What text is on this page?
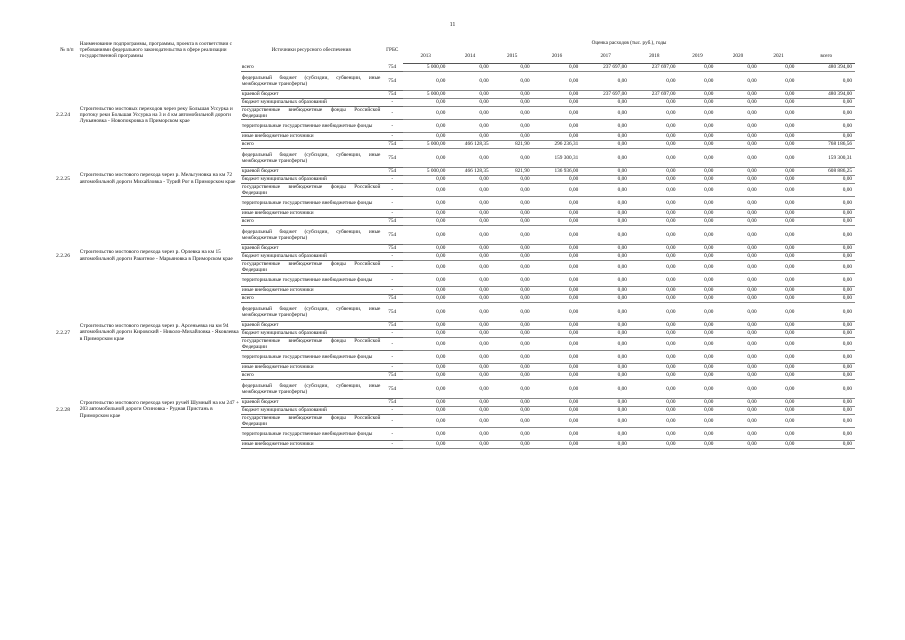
11
№ п/п	Наименование подпрограммы, программы, проекта в соответствии с требованиями федерального законодательства в сфере реализации государственной программы	Источники ресурсного обеспечения	ГРБС	Оценка расходов (тыс. руб.), годы									
				2013	2014	2015	2016	2017	2018	2019	2020	2021	всего
		всего	754	5 000,00	0,00	0,00	0,00	237 697,00	237 697,00	0,00	0,00	0,00	480 394,00
		федеральный бюджет (субсидии, субвенции, иные межбюджетные трансферты)	754	0,00	0,00	0,00	0,00	0,00	0,00	0,00	0,00	0,00	0,00
2.2.24	Строительство мостовых переходов через реку Большая Уссурка и протоку реки Большая Уссурка на 3 и 4 км автомобильной дороги Лукьяновка - Новопокровка в Приморском крае	краевой бюджет	754	5 000,00	0,00	0,00	0,00	237 697,00	237 697,00	0,00	0,00	0,00	480 394,00
		бюджет муниципальных образований	-	0,00	0,00	0,00	0,00	0,00	0,00	0,00	0,00	0,00	0,00
		государственные внебюджетные фонды Российской Федерации	-	0,00	0,00	0,00	0,00	0,00	0,00	0,00	0,00	0,00	0,00
		территориальные государственные внебюджетные фонды	-	0,00	0,00	0,00	0,00	0,00	0,00	0,00	0,00	0,00	0,00
		иные внебюджетные источники	-	0,00	0,00	0,00	0,00	0,00	0,00	0,00	0,00	0,00	0,00
2.2.25	Строительство мостового перехода через р. Мельгуновка на км 72 автомобильной дороги Михайловка - Турий Рог в Приморском крае	всего	754	5 000,00	466 128,35	821,90	296 236,31	0,00	0,00	0,00	0,00	0,00	768 186,56
		федеральный бюджет (субсидии, субвенции, иные межбюджетные трансферты)	754	0,00	0,00	0,00	159 300,31	0,00	0,00	0,00	0,00	0,00	159 300,31
		краевой бюджет	754	5 000,00	466 128,35	821,90	136 936,00	0,00	0,00	0,00	0,00	0,00	608 886,25
		бюджет муниципальных образований	-	0,00	0,00	0,00	0,00	0,00	0,00	0,00	0,00	0,00	0,00
		государственные внебюджетные фонды Российской Федерации	-	0,00	0,00	0,00	0,00	0,00	0,00	0,00	0,00	0,00	0,00
		территориальные государственные внебюджетные фонды	-	0,00	0,00	0,00	0,00	0,00	0,00	0,00	0,00	0,00	0,00
		иные внебюджетные источники	-	0,00	0,00	0,00	0,00	0,00	0,00	0,00	0,00	0,00	0,00
2.2.26	Строительство мостового перехода через р. Орлевка на км 15 автомобильной дороги Ракитное - Марьяновка в Приморском крае	всего	754	0,00	0,00	0,00	0,00	0,00	0,00	0,00	0,00	0,00	0,00
		федеральный бюджет (субсидии, субвенции, иные межбюджетные трансферты)	754	0,00	0,00	0,00	0,00	0,00	0,00	0,00	0,00	0,00	0,00
		краевой бюджет	754	0,00	0,00	0,00	0,00	0,00	0,00	0,00	0,00	0,00	0,00
		бюджет муниципальных образований	-	0,00	0,00	0,00	0,00	0,00	0,00	0,00	0,00	0,00	0,00
		государственные внебюджетные фонды Российской Федерации	-	0,00	0,00	0,00	0,00	0,00	0,00	0,00	0,00	0,00	0,00
		территориальные государственные внебюджетные фонды	-	0,00	0,00	0,00	0,00	0,00	0,00	0,00	0,00	0,00	0,00
		иные внебюджетные источники	-	0,00	0,00	0,00	0,00	0,00	0,00	0,00	0,00	0,00	0,00
2.2.27	Строительство мостового перехода через р. Арсеньевка на км 94 автомобильной дороги Кировский - Николо-Михайловка - Яковлевка в Приморском крае	всего	754	0,00	0,00	0,00	0,00	0,00	0,00	0,00	0,00	0,00	0,00
		федеральный бюджет (субсидии, субвенции, иные межбюджетные трансферты)	754	0,00	0,00	0,00	0,00	0,00	0,00	0,00	0,00	0,00	0,00
		краевой бюджет	754	0,00	0,00	0,00	0,00	0,00	0,00	0,00	0,00	0,00	0,00
		бюджет муниципальных образований	-	0,00	0,00	0,00	0,00	0,00	0,00	0,00	0,00	0,00	0,00
		государственные внебюджетные фонды Российской Федерации	-	0,00	0,00	0,00	0,00	0,00	0,00	0,00	0,00	0,00	0,00
		территориальные государственные внебюджетные фонды	-	0,00	0,00	0,00	0,00	0,00	0,00	0,00	0,00	0,00	0,00
		иные внебюджетные источники	-	0,00	0,00	0,00	0,00	0,00	0,00	0,00	0,00	0,00	0,00
2.2.28	Строительство мостового перехода через ручей Шумный на км 247 + 203 автомобильной дороги Осиновка - Рудная Пристань в Приморском крае	всего	754	0,00	0,00	0,00	0,00	0,00	0,00	0,00	0,00	0,00	0,00
		федеральный бюджет (субсидии, субвенции, иные межбюджетные трансферты)	754	0,00	0,00	0,00	0,00	0,00	0,00	0,00	0,00	0,00	0,00
		краевой бюджет	754	0,00	0,00	0,00	0,00	0,00	0,00	0,00	0,00	0,00	0,00
		бюджет муниципальных образований	-	0,00	0,00	0,00	0,00	0,00	0,00	0,00	0,00	0,00	0,00
		государственные внебюджетные фонды Российской Федерации	-	0,00	0,00	0,00	0,00	0,00	0,00	0,00	0,00	0,00	0,00
		территориальные государственные внебюджетные фонды	-	0,00	0,00	0,00	0,00	0,00	0,00	0,00	0,00	0,00	0,00
		иные внебюджетные источники	-	0,00	0,00	0,00	0,00	0,00	0,00	0,00	0,00	0,00	0,00
